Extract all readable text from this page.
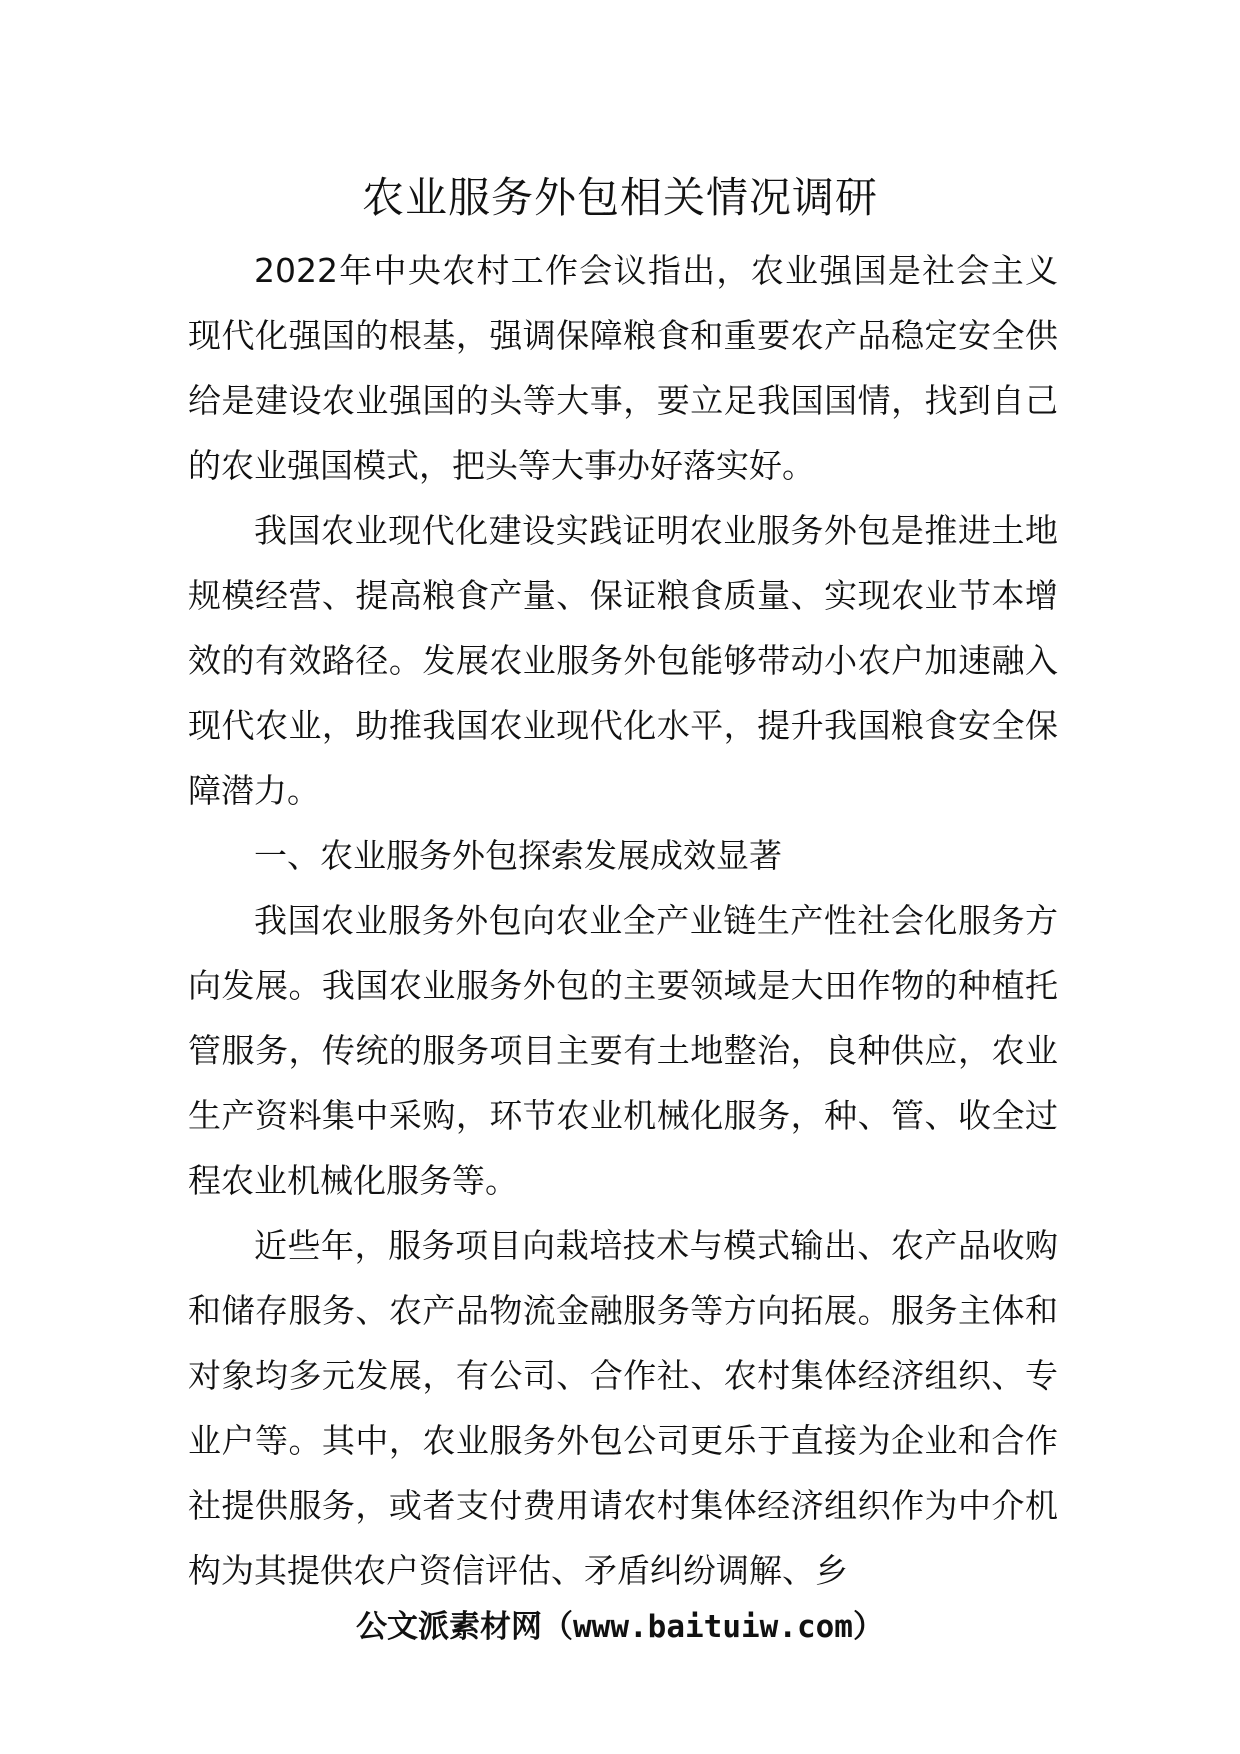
农业服务外包相关情况调研

2022年中央农村工作会议指出，农业强国是社会主义现代化强国的根基，强调保障粮食和重要农产品稳定安全供给是建设农业强国的头等大事，要立足我国国情，找到自己的农业强国模式，把头等大事办好落实好。

我国农业现代化建设实践证明农业服务外包是推进土地规模经营、提高粮食产量、保证粮食质量、实现农业节本增效的有效路径。发展农业服务外包能够带动小农户加速融入现代农业，助推我国农业现代化水平，提升我国粮食安全保障潜力。

一、农业服务外包探索发展成效显著

我国农业服务外包向农业全产业链生产性社会化服务方向发展。我国农业服务外包的主要领域是大田作物的种植托管服务，传统的服务项目主要有土地整治，良种供应，农业生产资料集中采购，环节农业机械化服务，种、管、收全过程农业机械化服务等。

近些年，服务项目向栽培技术与模式输出、农产品收购和储存服务、农产品物流金融服务等方向拓展。服务主体和对象均多元发展，有公司、合作社、农村集体经济组织、专业户等。其中，农业服务外包公司更乐于直接为企业和合作社提供服务，或者支付费用请农村集体经济组织作为中介机构为其提供农户资信评估、矛盾纠纷调解、乡

公文派素材网（www.baituiw.com）
